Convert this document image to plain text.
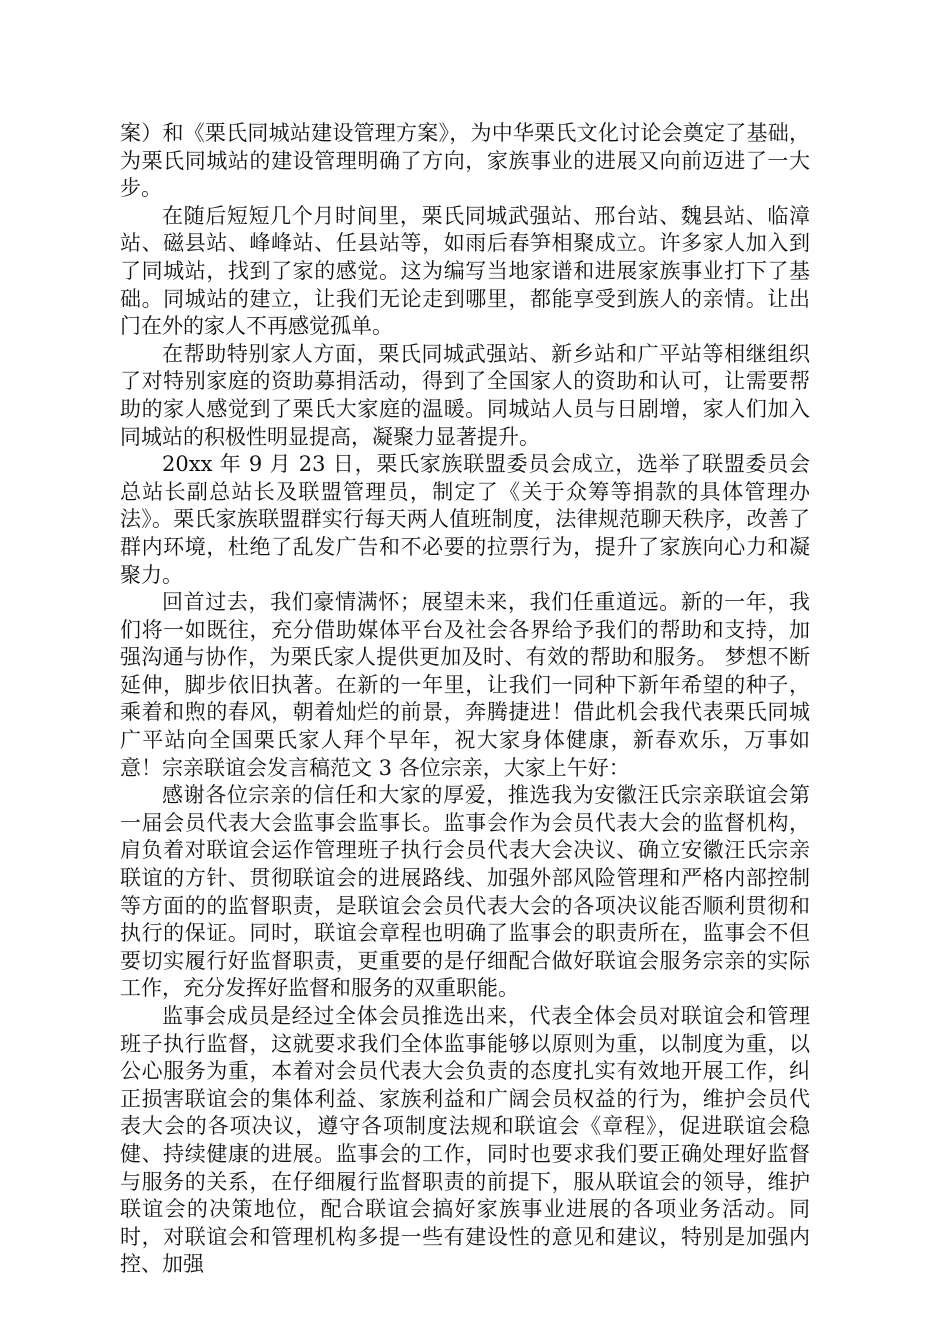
案）和《栗氏同城站建设管理方案》，为中华栗氏文化讨论会奠定了基础，为栗氏同城站的建设管理明确了方向，家族事业的进展又向前迈进了一大步。

在随后短短几个月时间里，栗氏同城武强站、邢台站、魏县站、临漳站、磁县站、峰峰站、任县站等，如雨后春笋相聚成立。许多家人加入到了同城站，找到了家的感觉。这为编写当地家谱和进展家族事业打下了基础。同城站的建立，让我们无论走到哪里，都能享受到族人的亲情。让出门在外的家人不再感觉孤单。

在帮助特别家人方面，栗氏同城武强站、新乡站和广平站等相继组织了对特别家庭的资助募捐活动，得到了全国家人的资助和认可，让需要帮助的家人感觉到了栗氏大家庭的温暖。同城站人员与日剧增，家人们加入同城站的积极性明显提高，凝聚力显著提升。

20xx 年 9 月 23 日，栗氏家族联盟委员会成立，选举了联盟委员会总站长副总站长及联盟管理员，制定了《关于众筹等捐款的具体管理办法》。栗氏家族联盟群实行每天两人值班制度，法律规范聊天秩序，改善了群内环境，杜绝了乱发广告和不必要的拉票行为，提升了家族向心力和凝聚力。

回首过去，我们豪情满怀；展望未来，我们任重道远。新的一年，我们将一如既往，充分借助媒体平台及社会各界给予我们的帮助和支持，加强沟通与协作，为栗氏家人提供更加及时、有效的帮助和服务。 梦想不断延伸，脚步依旧执著。在新的一年里，让我们一同种下新年希望的种子，乘着和煦的春风，朝着灿烂的前景，奔腾捷进！借此机会我代表栗氏同城广平站向全国栗氏家人拜个早年，祝大家身体健康，新春欢乐，万事如意！宗亲联谊会发言稿范文 3 各位宗亲，大家上午好：

感谢各位宗亲的信任和大家的厚爱，推选我为安徽汪氏宗亲联谊会第一届会员代表大会监事会监事长。监事会作为会员代表大会的监督机构，肩负着对联谊会运作管理班子执行会员代表大会决议、确立安徽汪氏宗亲联谊的方针、贯彻联谊会的进展路线、加强外部风险管理和严格内部控制等方面的的监督职责，是联谊会会员代表大会的各项决议能否顺利贯彻和执行的保证。同时，联谊会章程也明确了监事会的职责所在，监事会不但要切实履行好监督职责，更重要的是仔细配合做好联谊会服务宗亲的实际工作，充分发挥好监督和服务的双重职能。

监事会成员是经过全体会员推选出来，代表全体会员对联谊会和管理班子执行监督，这就要求我们全体监事能够以原则为重，以制度为重，以公心服务为重，本着对会员代表大会负责的态度扎实有效地开展工作，纠正损害联谊会的集体利益、家族利益和广阔会员权益的行为，维护会员代表大会的各项决议，遵守各项制度法规和联谊会《章程》，促进联谊会稳健、持续健康的进展。监事会的工作，同时也要求我们要正确处理好监督与服务的关系，在仔细履行监督职责的前提下，服从联谊会的领导，维护联谊会的决策地位，配合联谊会搞好家族事业进展的各项业务活动。同时，对联谊会和管理机构多提一些有建设性的意见和建议，特别是加强内控、加强
